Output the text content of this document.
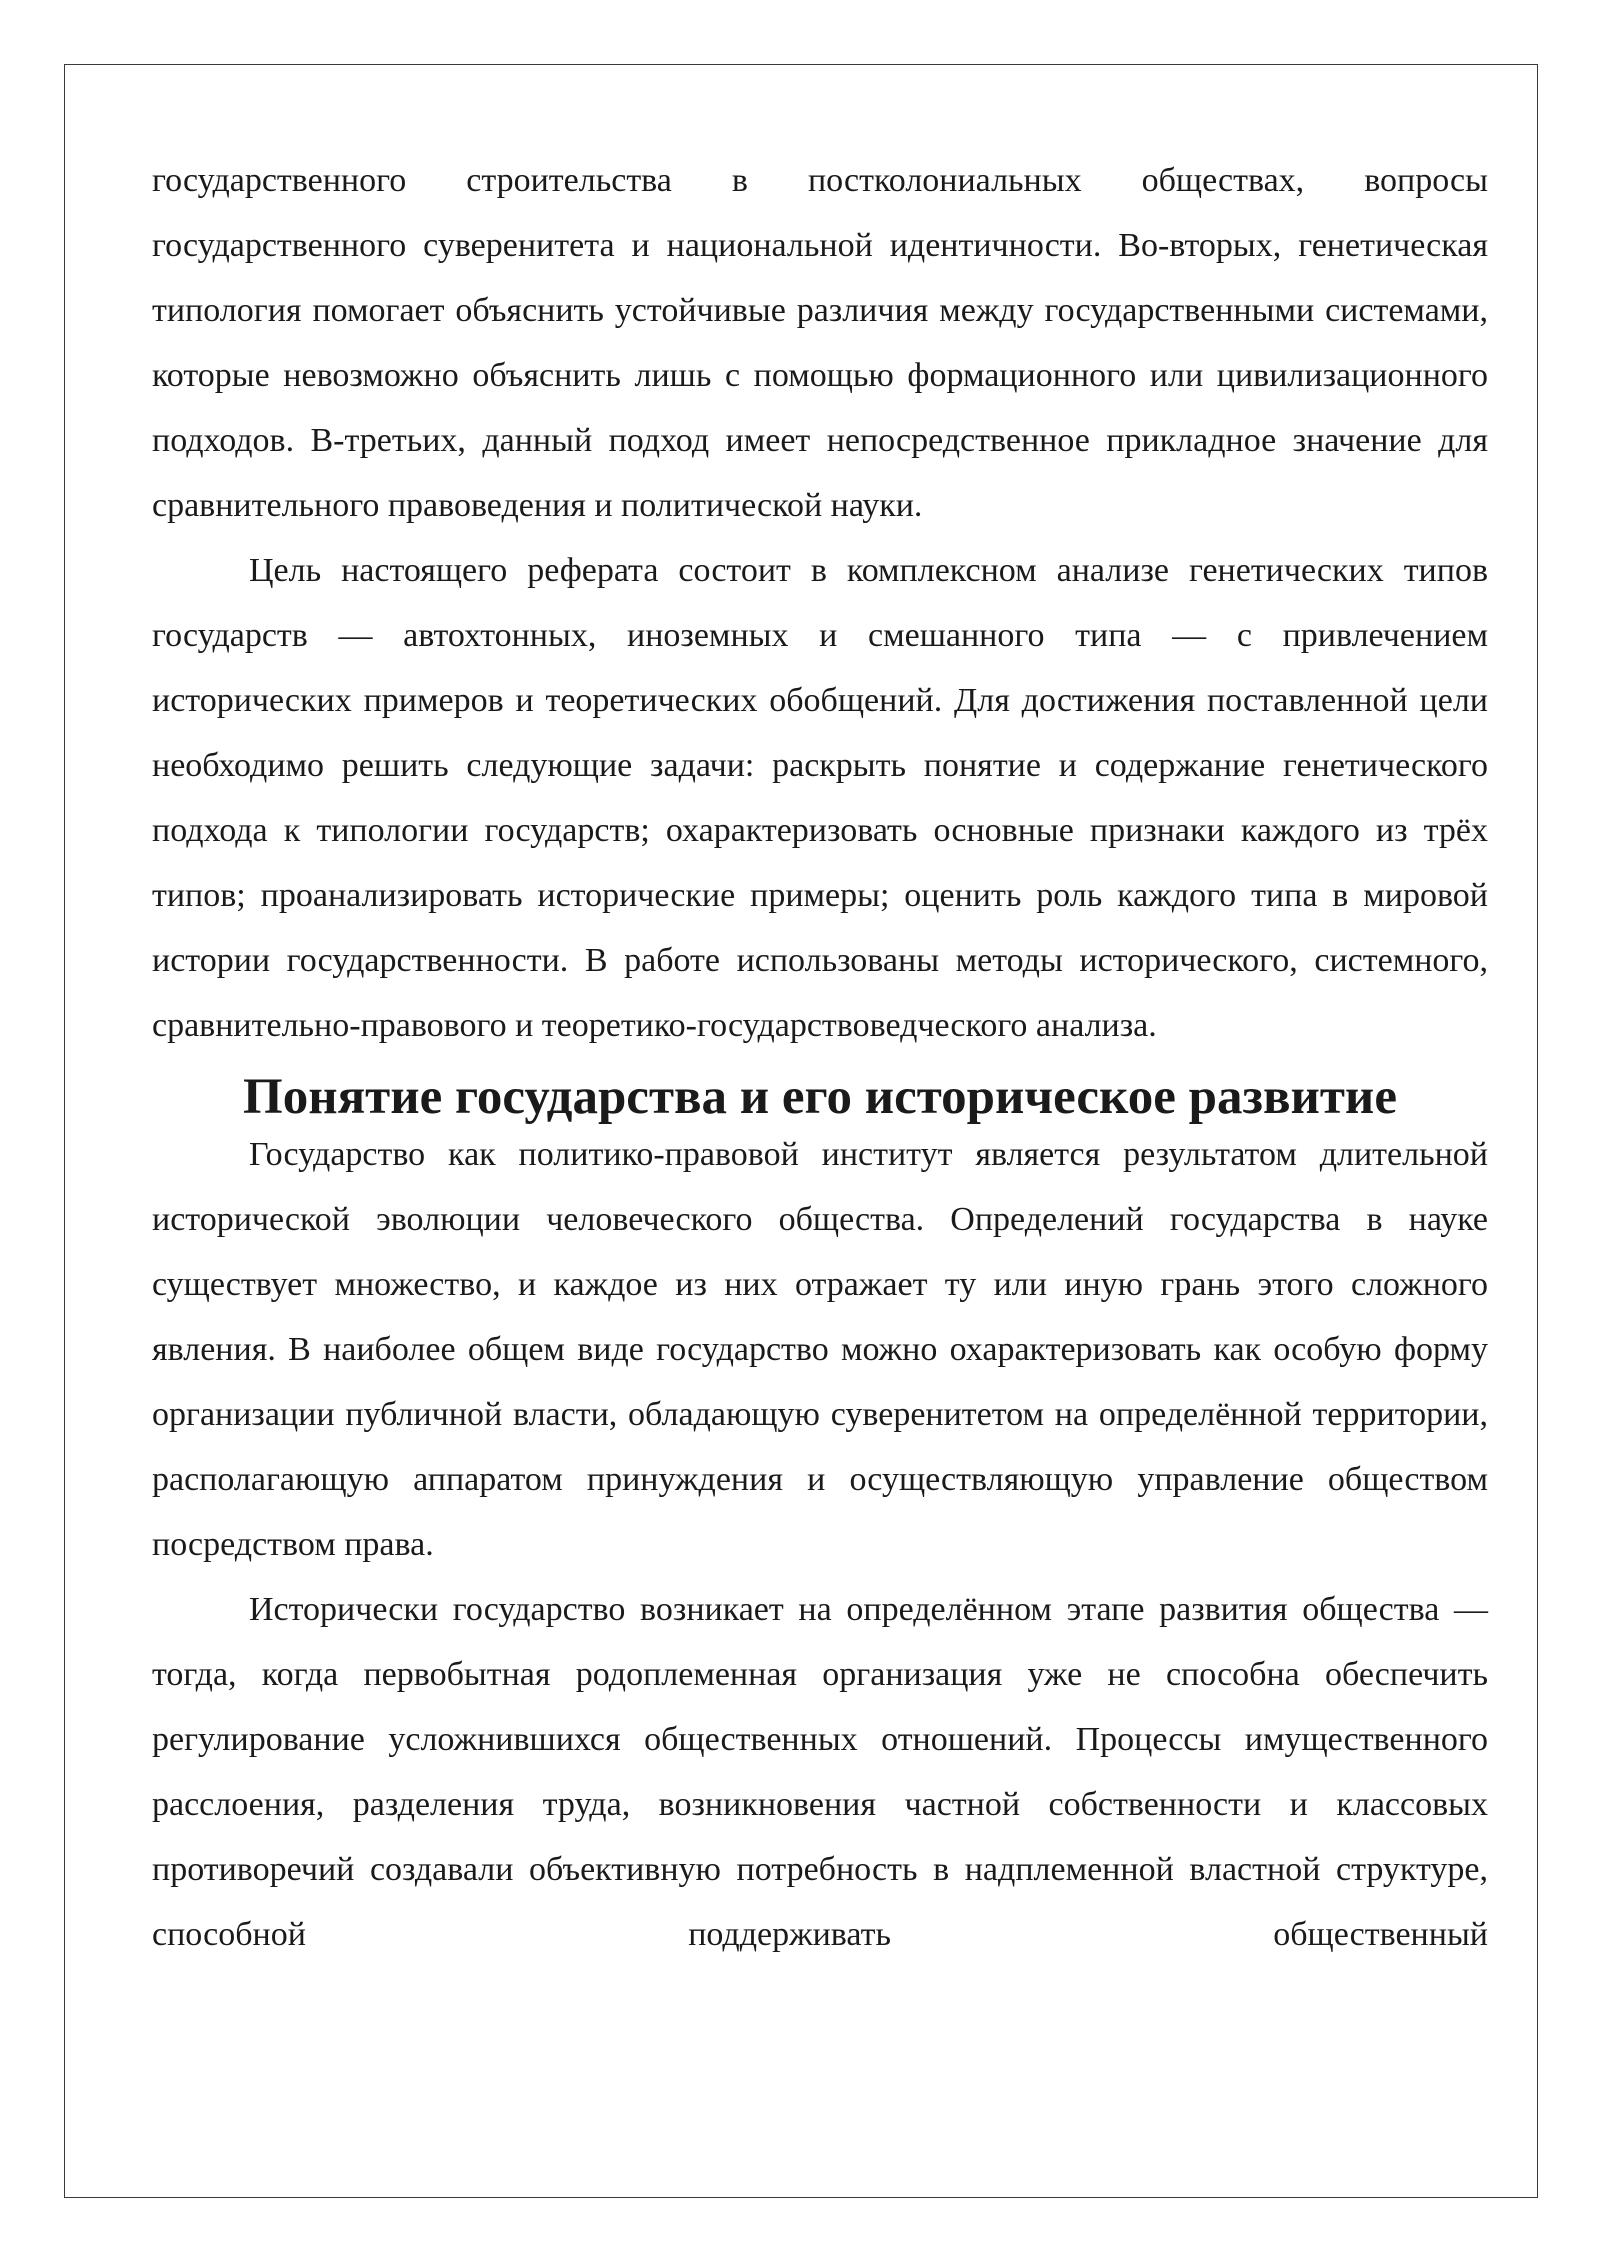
государственного строительства в постколониальных обществах, вопросы государственного суверенитета и национальной идентичности. Во-вторых, генетическая типология помогает объяснить устойчивые различия между государственными системами, которые невозможно объяснить лишь с помощью формационного или цивилизационного подходов. В-третьих, данный подход имеет непосредственное прикладное значение для сравнительного правоведения и политической науки.

Цель настоящего реферата состоит в комплексном анализе генетических типов государств — автохтонных, иноземных и смешанного типа — с привлечением исторических примеров и теоретических обобщений. Для достижения поставленной цели необходимо решить следующие задачи: раскрыть понятие и содержание генетического подхода к типологии государств; охарактеризовать основные признаки каждого из трёх типов; проанализировать исторические примеры; оценить роль каждого типа в мировой истории государственности. В работе использованы методы исторического, системного, сравнительно-правового и теоретико-государствоведческого анализа.

Понятие государства и его историческое развитие

Государство как политико-правовой институт является результатом длительной исторической эволюции человеческого общества. Определений государства в науке существует множество, и каждое из них отражает ту или иную грань этого сложного явления. В наиболее общем виде государство можно охарактеризовать как особую форму организации публичной власти, обладающую суверенитетом на определённой территории, располагающую аппаратом принуждения и осуществляющую управление обществом посредством права.

Исторически государство возникает на определённом этапе развития общества — тогда, когда первобытная родоплеменная организация уже не способна обеспечить регулирование усложнившихся общественных отношений. Процессы имущественного расслоения, разделения труда, возникновения частной собственности и классовых противоречий создавали объективную потребность в надплеменной властной структуре, способной поддерживать общественный
